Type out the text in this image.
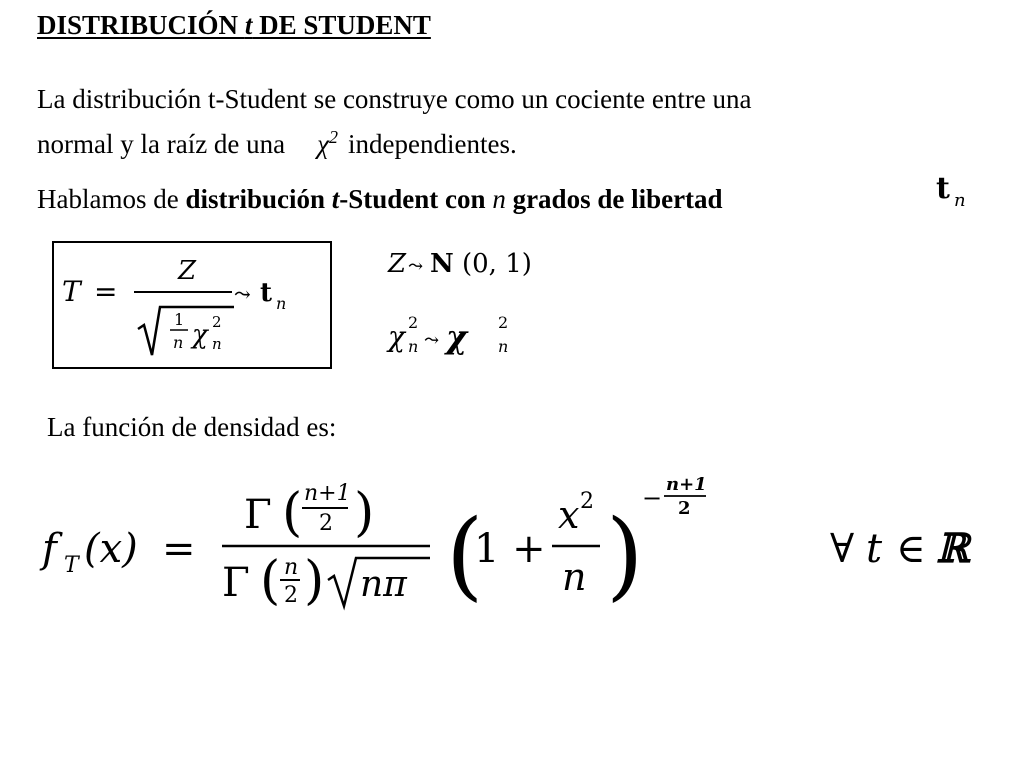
DISTRIBUCIÓN t DE STUDENT
La distribución t-Student se construye como un cociente entre una
normal y la raíz de una $\chi^2$ independientes.
Hablamos de distribución t-Student con n grados de libertad	t n
T =
Z
1
n χ 2
n
⤳ t n
Z ⤳ N (0, 1)
χ 2
n ⤳ χ 2
n
La función de densidad es:
f T (x) =
Γ ( n+1
2 )
Γ ( n
2 ) nπ (
1 +
x 2
n )
− n+1
2
∀ t ∈ ℝ
